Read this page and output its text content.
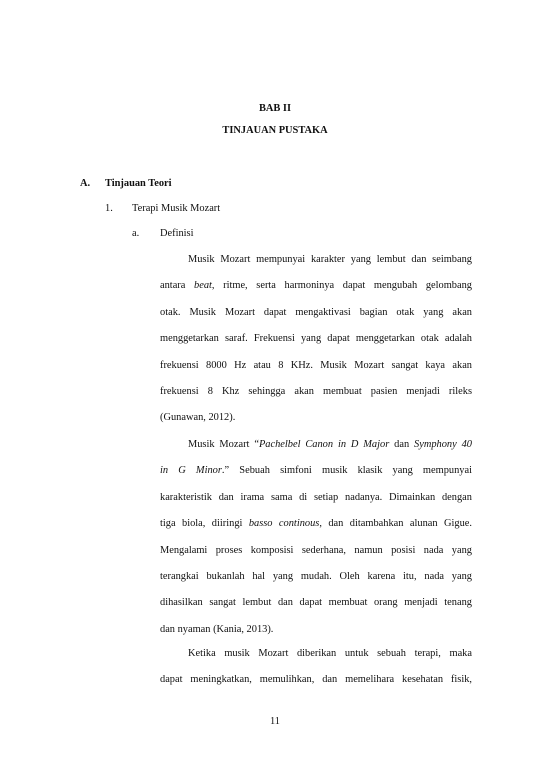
BAB II
TINJAUAN PUSTAKA
A. Tinjauan Teori
1. Terapi Musik Mozart
a. Definisi
Musik Mozart mempunyai karakter yang lembut dan seimbang
antara beat, ritme, serta harmoninya dapat mengubah gelombang
otak. Musik Mozart dapat mengaktivasi bagian otak yang akan
menggetarkan saraf. Frekuensi yang dapat menggetarkan otak adalah
frekuensi 8000 Hz atau 8 KHz. Musik Mozart sangat kaya akan
frekuensi 8 Khz sehingga akan membuat pasien menjadi rileks
(Gunawan, 2012).
Musik Mozart “Pachelbel Canon in D Major dan Symphony 40
in G Minor.” Sebuah simfoni musik klasik yang mempunyai
karakteristik dan irama sama di setiap nadanya. Dimainkan dengan
tiga biola, diiringi basso continous, dan ditambahkan alunan Gigue.
Mengalami proses komposisi sederhana, namun posisi nada yang
terangkai bukanlah hal yang mudah. Oleh karena itu, nada yang
dihasilkan sangat lembut dan dapat membuat orang menjadi tenang
dan nyaman (Kania, 2013).
Ketika musik Mozart diberikan untuk sebuah terapi, maka
dapat meningkatkan, memulihkan, dan memelihara kesehatan fisik,
11
